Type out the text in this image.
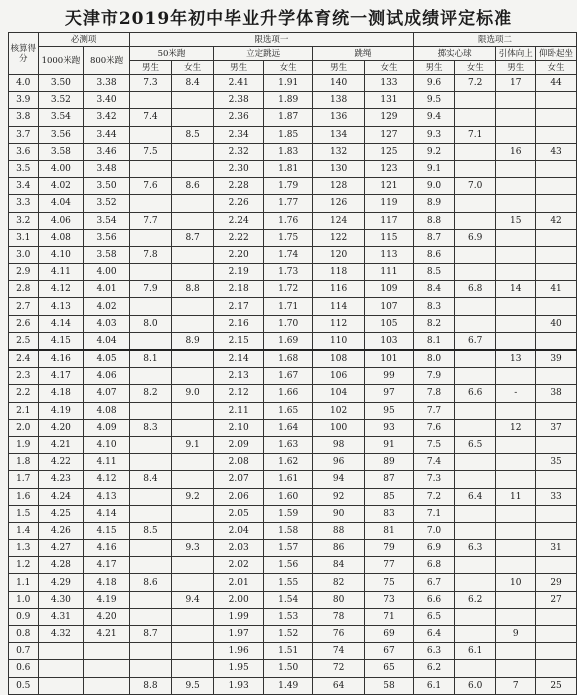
天津市2019年初中毕业升学体育统一测试成绩评定标准
核算得分	必测项		限选项一						限选项二			
	1000米跑	800米跑	50米跑		立定跳远		跳绳		掷实心球		引体向上	仰卧起坐
			男生	女生	男生	女生	男生	女生	男生	女生	男生	女生
4.0	3.50	3.38	7.3	8.4	2.41	1.91	140	133	9.6	7.2	17	44
3.9	3.52	3.40			2.38	1.89	138	131	9.5			
3.8	3.54	3.42	7.4		2.36	1.87	136	129	9.4			
3.7	3.56	3.44		8.5	2.34	1.85	134	127	9.3	7.1		
3.6	3.58	3.46	7.5		2.32	1.83	132	125	9.2		16	43
3.5	4.00	3.48			2.30	1.81	130	123	9.1			
3.4	4.02	3.50	7.6	8.6	2.28	1.79	128	121	9.0	7.0		
3.3	4.04	3.52			2.26	1.77	126	119	8.9			
3.2	4.06	3.54	7.7		2.24	1.76	124	117	8.8		15	42
3.1	4.08	3.56		8.7	2.22	1.75	122	115	8.7	6.9		
3.0	4.10	3.58	7.8		2.20	1.74	120	113	8.6			
2.9	4.11	4.00			2.19	1.73	118	111	8.5			
2.8	4.12	4.01	7.9	8.8	2.18	1.72	116	109	8.4	6.8	14	41
2.7	4.13	4.02			2.17	1.71	114	107	8.3			
2.6	4.14	4.03	8.0		2.16	1.70	112	105	8.2			40
2.5	4.15	4.04		8.9	2.15	1.69	110	103	8.1	6.7		
2.4	4.16	4.05	8.1		2.14	1.68	108	101	8.0		13	39
2.3	4.17	4.06			2.13	1.67	106	99	7.9			
2.2	4.18	4.07	8.2	9.0	2.12	1.66	104	97	7.8	6.6	-	38
2.1	4.19	4.08			2.11	1.65	102	95	7.7			
2.0	4.20	4.09	8.3		2.10	1.64	100	93	7.6		12	37
1.9	4.21	4.10		9.1	2.09	1.63	98	91	7.5	6.5		
1.8	4.22	4.11			2.08	1.62	96	89	7.4			35
1.7	4.23	4.12	8.4		2.07	1.61	94	87	7.3			
1.6	4.24	4.13		9.2	2.06	1.60	92	85	7.2	6.4	11	33
1.5	4.25	4.14			2.05	1.59	90	83	7.1			
1.4	4.26	4.15	8.5		2.04	1.58	88	81	7.0			
1.3	4.27	4.16		9.3	2.03	1.57	86	79	6.9	6.3		31
1.2	4.28	4.17			2.02	1.56	84	77	6.8			
1.1	4.29	4.18	8.6		2.01	1.55	82	75	6.7		10	29
1.0	4.30	4.19		9.4	2.00	1.54	80	73	6.6	6.2		27
0.9	4.31	4.20			1.99	1.53	78	71	6.5			
0.8	4.32	4.21	8.7		1.97	1.52	76	69	6.4		9	
0.7					1.96	1.51	74	67	6.3	6.1		
0.6					1.95	1.50	72	65	6.2			
0.5			8.8	9.5	1.93	1.49	64	58	6.1	6.0	7	25
